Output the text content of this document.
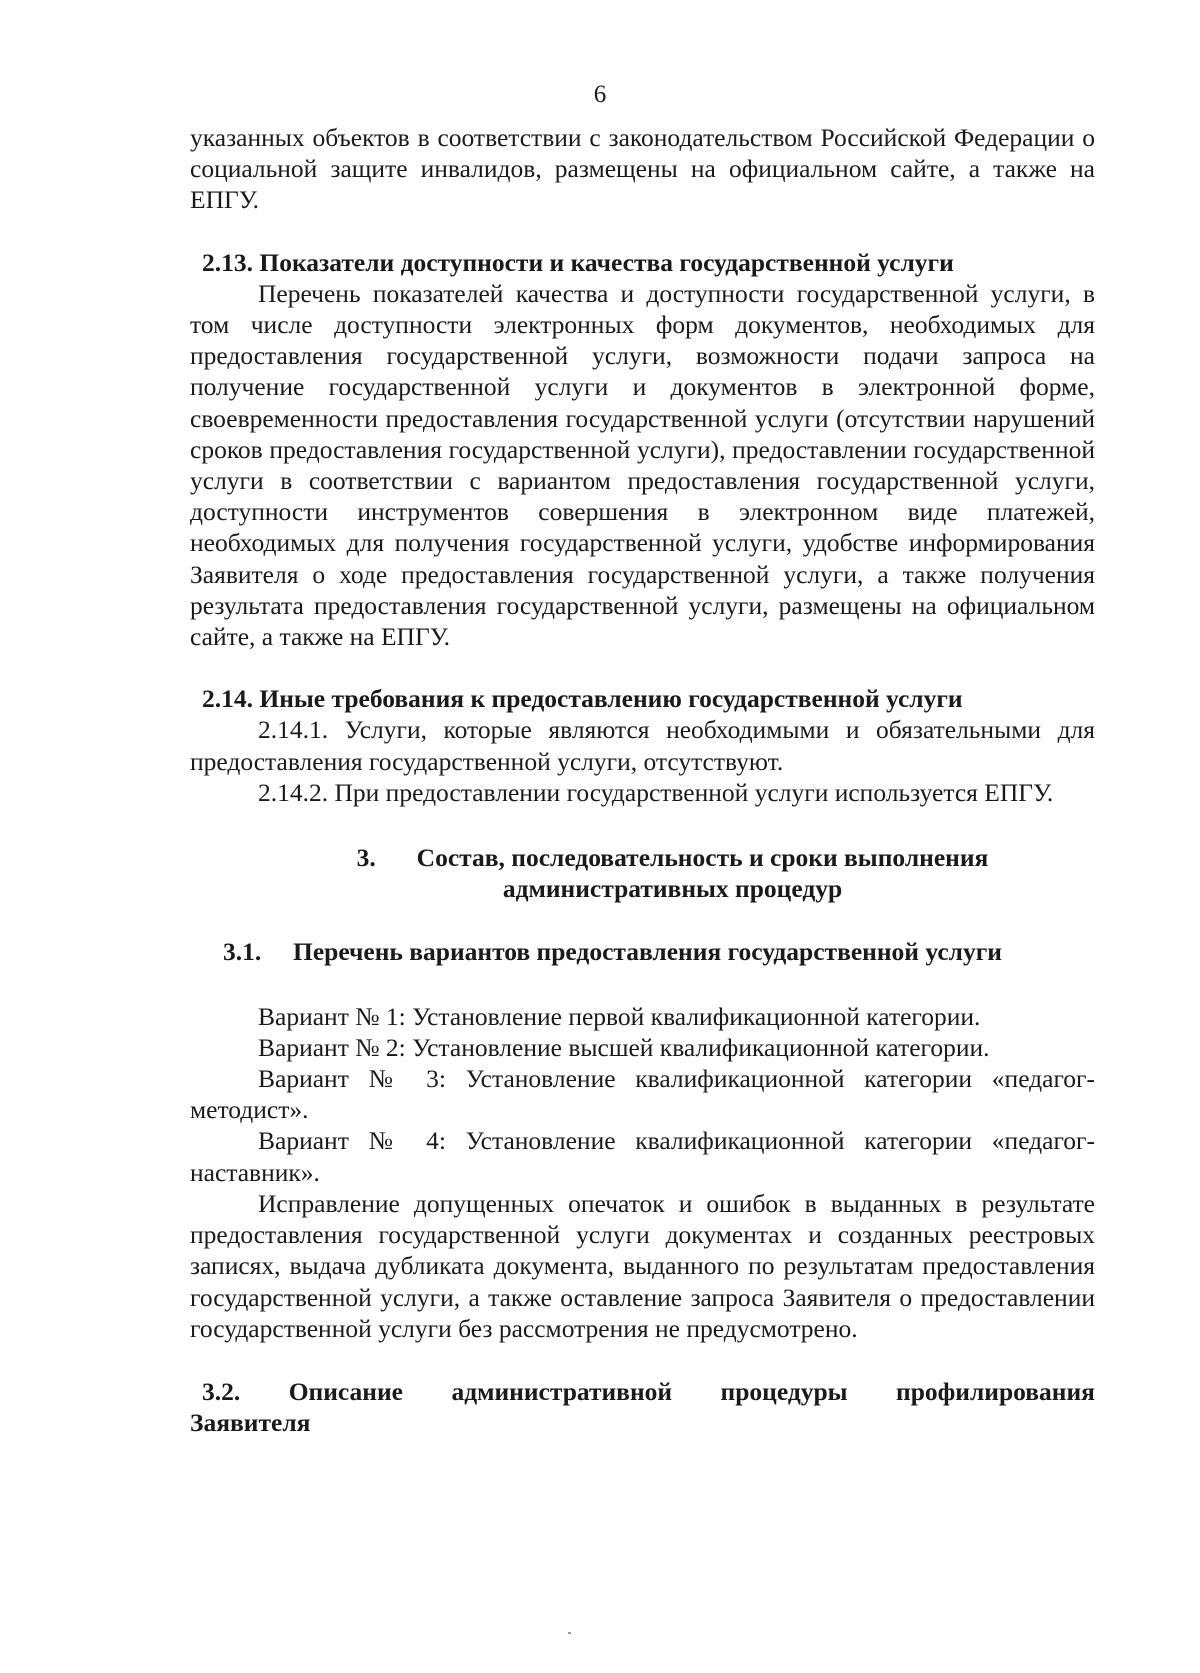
6

указанных объектов в соответствии с законодательством Российской Федерации о социальной защите инвалидов, размещены на официальном сайте, а также на ЕПГУ.

2.13. Показатели доступности и качества государственной услуги

Перечень показателей качества и доступности государственной услуги, в том числе доступности электронных форм документов, необходимых для предоставления государственной услуги, возможности подачи запроса на получение государственной услуги и документов в электронной форме, своевременности предоставления государственной услуги (отсутствии нарушений сроков предоставления государственной услуги), предоставлении государственной услуги в соответствии с вариантом предоставления государственной услуги, доступности инструментов совершения в электронном виде платежей, необходимых для получения государственной услуги, удобстве информирования Заявителя о ходе предоставления государственной услуги, а также получения результата предоставления государственной услуги, размещены на официальном сайте, а также на ЕПГУ.

2.14. Иные требования к предоставлению государственной услуги

2.14.1. Услуги, которые являются необходимыми и обязательными для предоставления государственной услуги, отсутствуют.

2.14.2. При предоставлении государственной услуги используется ЕПГУ.

3. Состав, последовательность и сроки выполнения
административных процедур
3.1. Перечень вариантов предоставления государственной услуги

Вариант № 1: Установление первой квалификационной категории.

Вариант № 2: Установление высшей квалификационной категории.

Вариант № 3: Установление квалификационной категории «педагог-методист».

Вариант № 4: Установление квалификационной категории «педагог-наставник».

Исправление допущенных опечаток и ошибок в выданных в результате предоставления государственной услуги документах и созданных реестровых записях, выдача дубликата документа, выданного по результатам предоставления государственной услуги, а также оставление запроса Заявителя о предоставлении государственной услуги без рассмотрения не предусмотрено.

3.2. Описание административной процедуры профилирования
Заявителя
